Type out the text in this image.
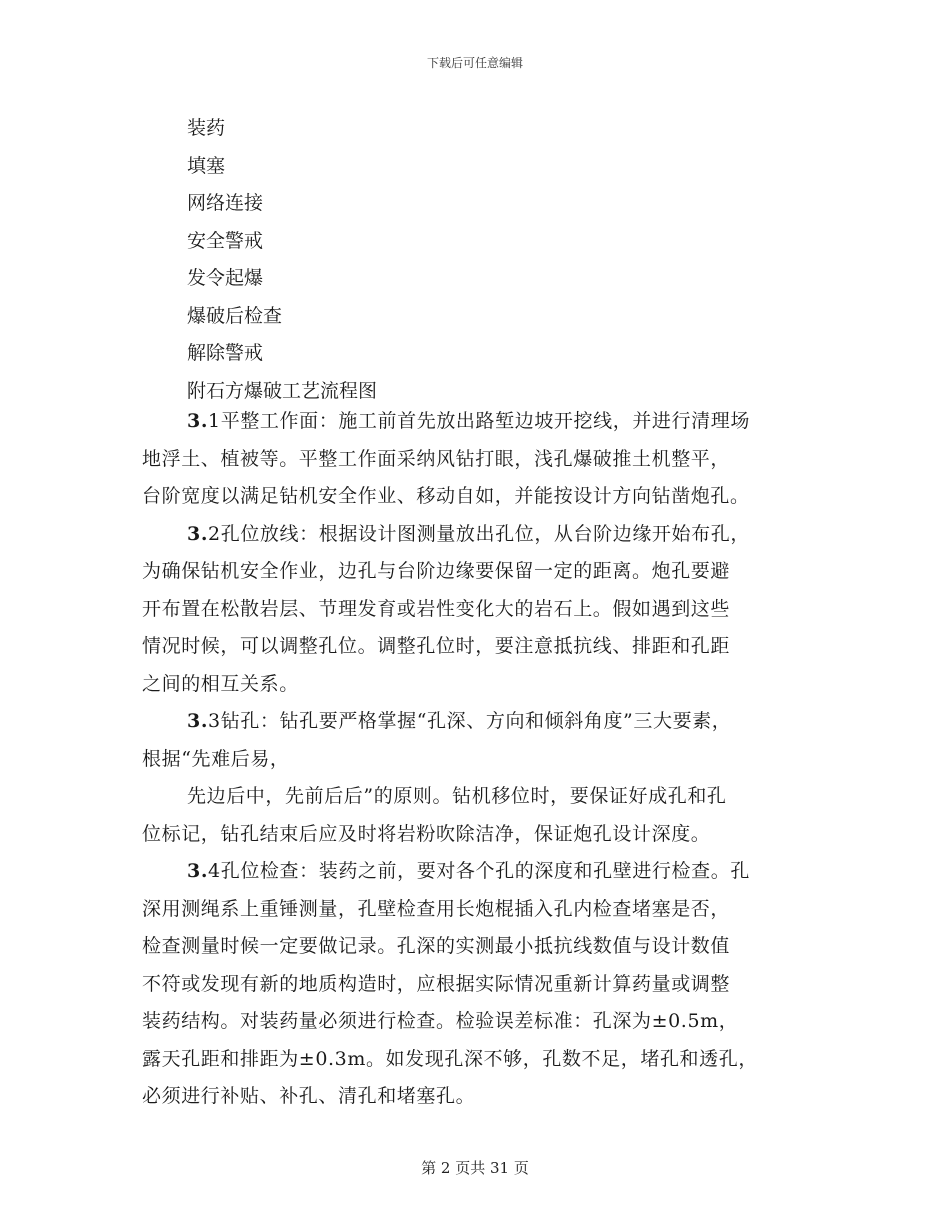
下载后可任意编辑
装药
填塞
网络连接
安全警戒
发令起爆
爆破后检查
解除警戒
附石方爆破工艺流程图
3.1平整工作面：施工前首先放出路堑边坡开挖线，并进行清理场
地浮土、植被等。平整工作面采纳风钻打眼，浅孔爆破推土机整平，
台阶宽度以满足钻机安全作业、移动自如，并能按设计方向钻凿炮孔。
3.2孔位放线：根据设计图测量放出孔位，从台阶边缘开始布孔，
为确保钻机安全作业，边孔与台阶边缘要保留一定的距离。炮孔要避
开布置在松散岩层、节理发育或岩性变化大的岩石上。假如遇到这些
情况时候，可以调整孔位。调整孔位时，要注意抵抗线、排距和孔距
之间的相互关系。
3.3钻孔：钻孔要严格掌握“孔深、方向和倾斜角度”三大要素，
根据“先难后易，
先边后中，先前后后”的原则。钻机移位时，要保证好成孔和孔
位标记，钻孔结束后应及时将岩粉吹除洁净，保证炮孔设计深度。
3.4孔位检查：装药之前，要对各个孔的深度和孔壁进行检查。孔
深用测绳系上重锤测量，孔壁检查用长炮棍插入孔内检查堵塞是否，
检查测量时候一定要做记录。孔深的实测最小抵抗线数值与设计数值
不符或发现有新的地质构造时，应根据实际情况重新计算药量或调整
装药结构。对装药量必须进行检查。检验误差标准：孔深为±0.5m，
露天孔距和排距为±0.3m。如发现孔深不够，孔数不足，堵孔和透孔，
必须进行补贴、补孔、清孔和堵塞孔。
第 2 页共 31 页
